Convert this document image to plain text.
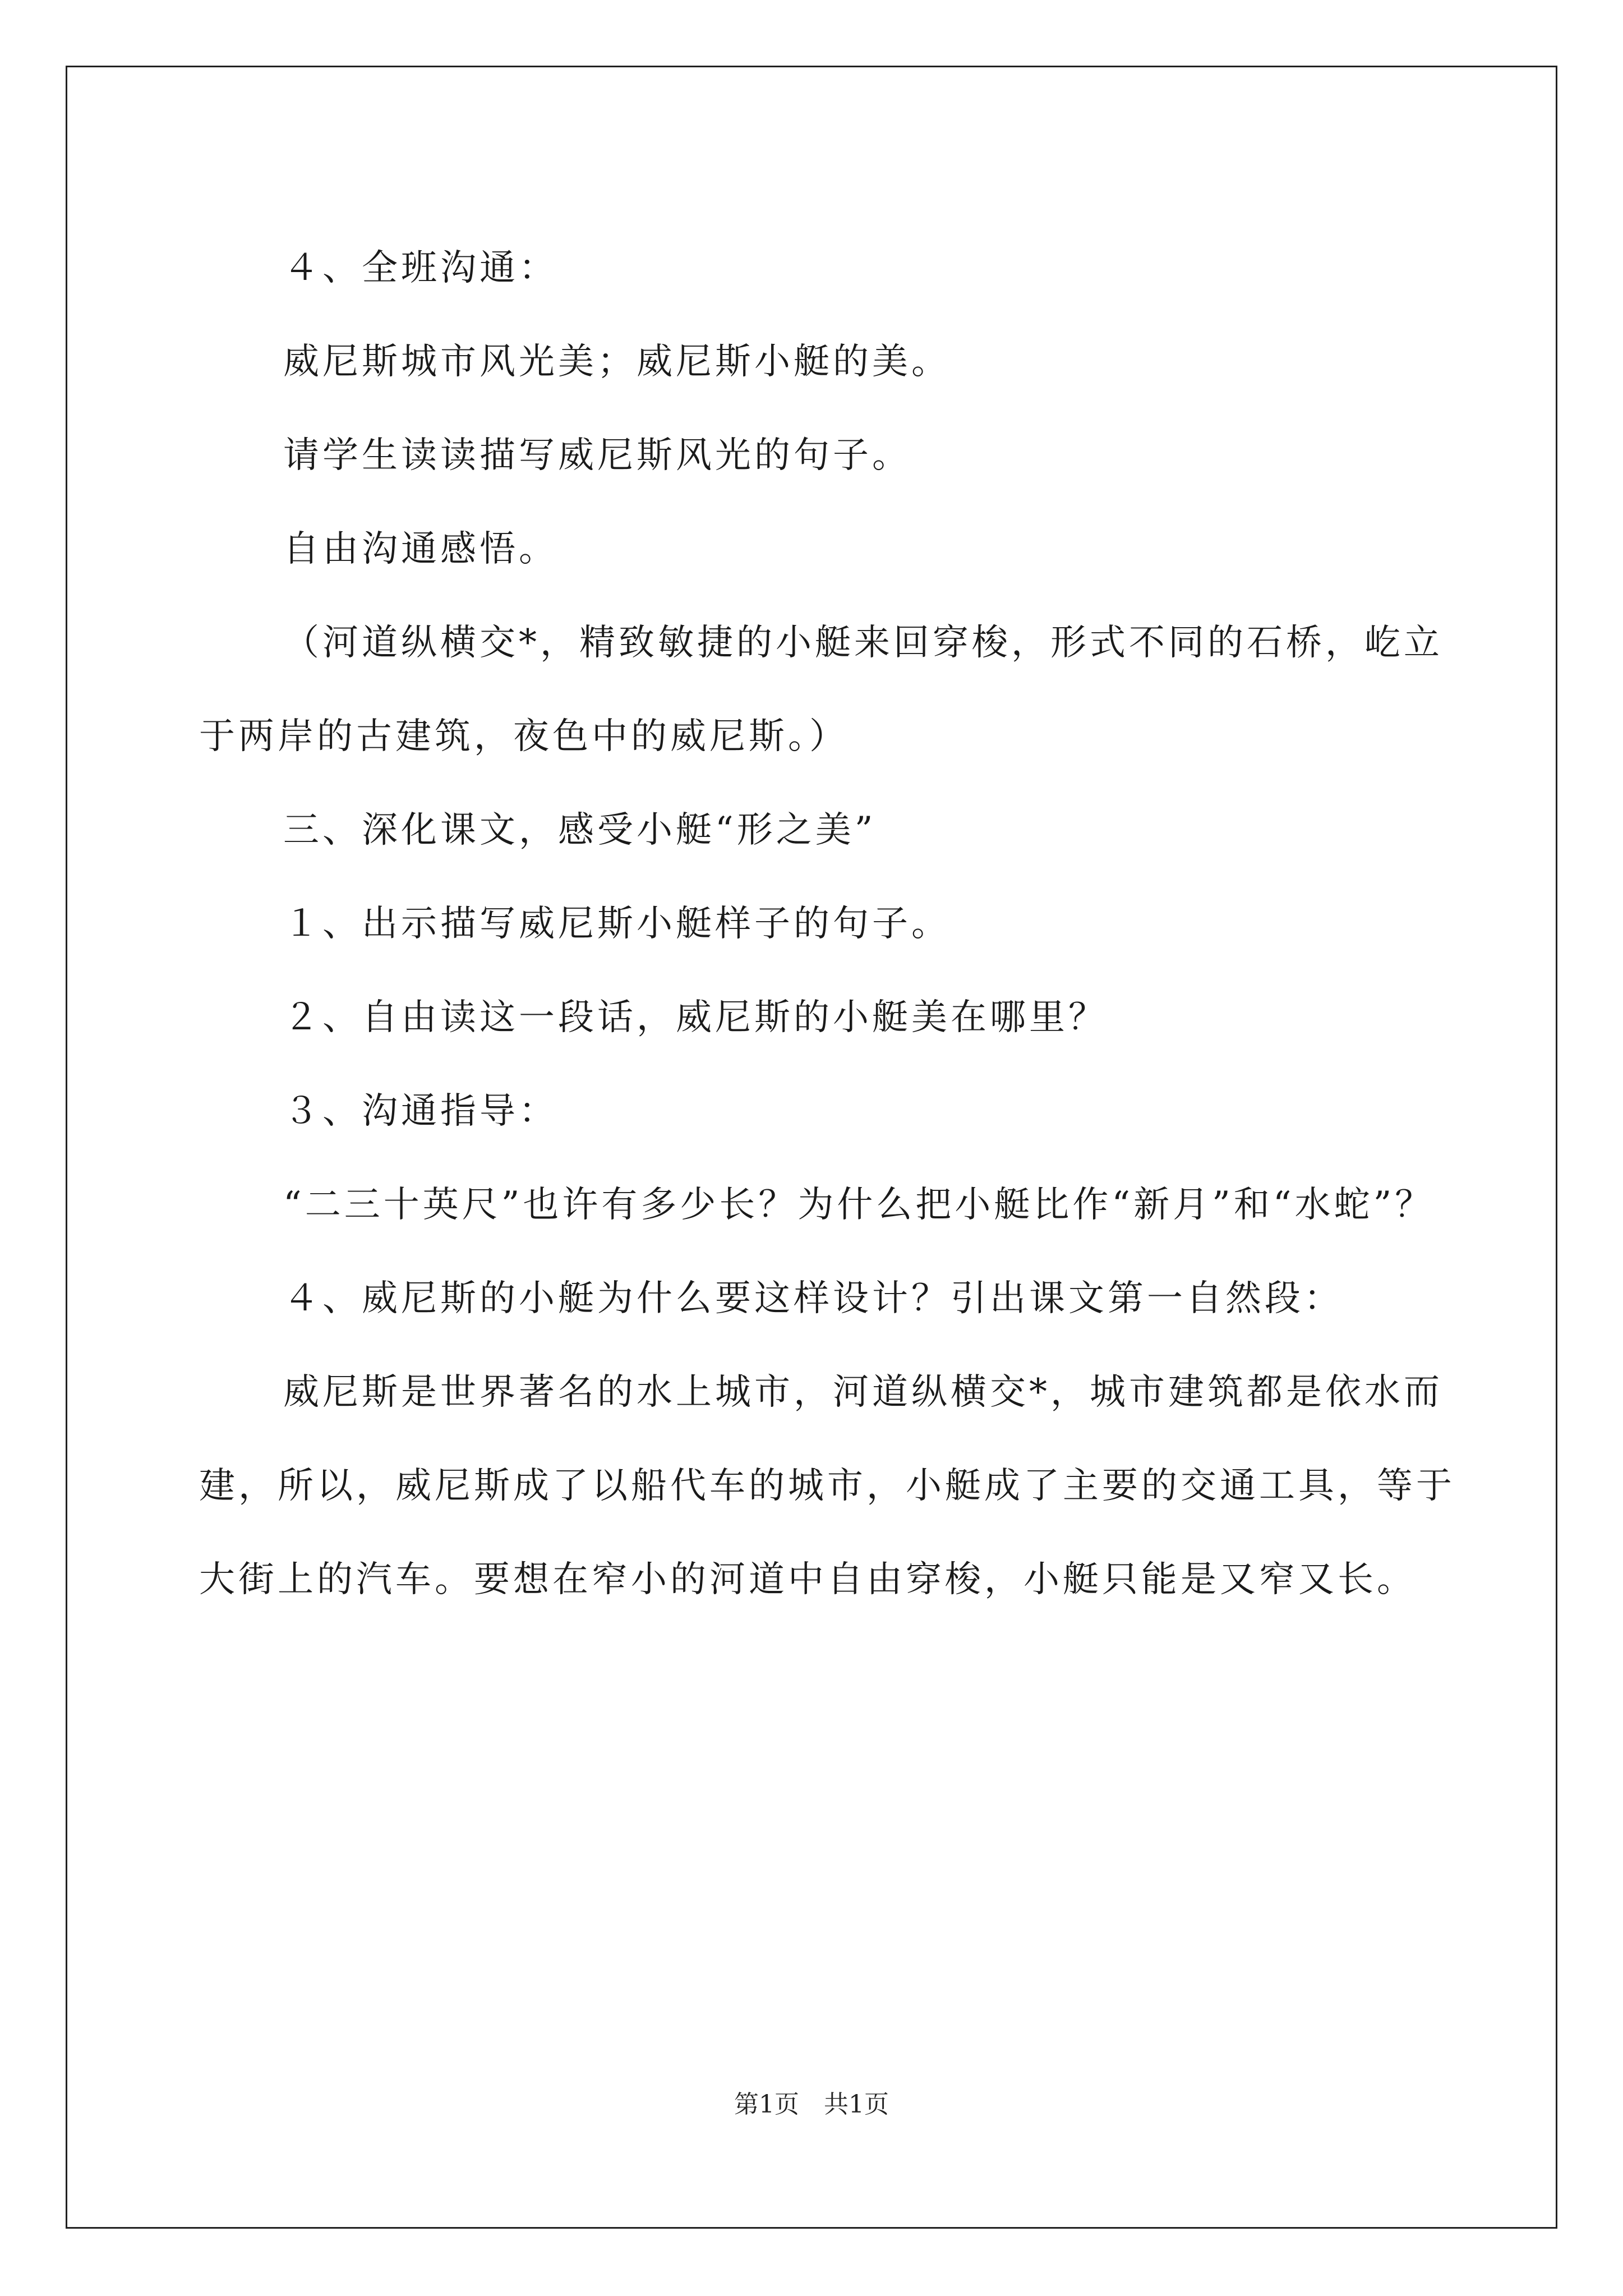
４、全班沟通：

威尼斯城市风光美；威尼斯小艇的美。

请学生读读描写威尼斯风光的句子。

自由沟通感悟。

（河道纵横交*，精致敏捷的小艇来回穿梭，形式不同的石桥，屹立于两岸的古建筑，夜色中的威尼斯。）

三、深化课文，感受小艇“形之美”

１、出示描写威尼斯小艇样子的句子。

２、自由读这一段话，威尼斯的小艇美在哪里？

３、沟通指导：

“二三十英尺”也许有多少长？为什么把小艇比作“新月”和“水蛇”？

４、威尼斯的小艇为什么要这样设计？引出课文第一自然段：

威尼斯是世界著名的水上城市，河道纵横交*，城市建筑都是依水而建，所以，威尼斯成了以船代车的城市，小艇成了主要的交通工具，等于大街上的汽车。要想在窄小的河道中自由穿梭，小艇只能是又窄又长。

第1页　共1页
